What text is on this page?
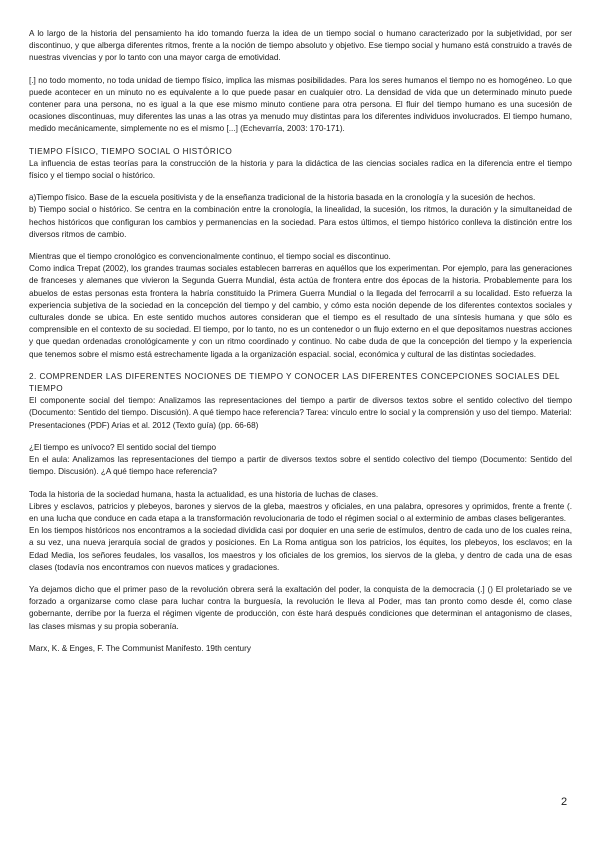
A lo largo de la historia del pensamiento ha ido tomando fuerza la idea de un tiempo social o humano caracterizado por la subjetividad, por ser discontinuo, y que alberga diferentes ritmos, frente a la noción de tiempo absoluto y objetivo. Ese tiempo social y humano está construido a través de nuestras vivencias y por lo tanto con una mayor carga de emotividad.

[.] no todo momento, no toda unidad de tiempo físico, implica las mismas posibilidades. Para los seres humanos el tiempo no es homogéneo. Lo que puede acontecer en un minuto no es equivalente a lo que puede pasar en cualquier otro. La densidad de vida que un determinado minuto puede contener para una persona, no es igual a la que ese mismo minuto contiene para otra persona. El fluir del tiempo humano es una sucesión de ocasiones discontinuas, muy diferentes las unas a las otras ya menudo muy distintas para los diferentes individuos involucrados. El tiempo humano, medido mecánicamente, simplemente no es el mismo [...] (Echevarría, 2003: 170-171).

TIEMPO FÍSICO, TIEMPO SOCIAL O HISTÓRICO

La influencia de estas teorías para la construcción de la historia y para la didáctica de las ciencias sociales radica en la diferencia entre el tiempo físico y el tiempo social o histórico.

a)Tiempo físico. Base de la escuela positivista y de la enseñanza tradicional de la historia basada en la cronología y la sucesión de hechos.

b) Tiempo social o histórico. Se centra en la combinación entre la cronología, la linealidad, la sucesión, los ritmos, la duración y la simultaneidad de hechos históricos que configuran los cambios y permanencias en la sociedad. Para estos últimos, el tiempo histórico conlleva la distinción entre los diversos ritmos de cambio.

Mientras que el tiempo cronológico es convencionalmente continuo, el tiempo social es discontinuo.

Como indica Trepat (2002), los grandes traumas sociales establecen barreras en aquéllos que los experimentan. Por ejemplo, para las generaciones de franceses y alemanes que vivieron la Segunda Guerra Mundial, ésta actúa de frontera entre dos épocas de la historia. Probablemente para los abuelos de estas personas esta frontera la habría constituido la Primera Guerra Mundial o la llegada del ferrocarril a su localidad. Esto refuerza la experiencia subjetiva de la sociedad en la concepción del tiempo y del cambio, y cómo esta noción depende de los diferentes contextos sociales y culturales donde se ubica. En este sentido muchos autores consideran que el tiempo es el resultado de una síntesis humana y que sólo es comprensible en el contexto de su sociedad. El tiempo, por lo tanto, no es un contenedor o un flujo externo en el que depositamos nuestras acciones y que quedan ordenadas cronológicamente y con un ritmo coordinado y continuo. No cabe duda de que la concepción del tiempo y la experiencia que tenemos sobre el mismo está estrechamente ligada a la organización espacial. social, económica y cultural de las distintas sociedades.

2. COMPRENDER LAS DIFERENTES NOCIONES DE TIEMPO Y CONOCER LAS DIFERENTES CONCEPCIONES SOCIALES DEL TIEMPO

El componente social del tiempo: Analizamos las representaciones del tiempo a partir de diversos textos sobre el sentido colectivo del tiempo (Documento: Sentido del tiempo. Discusión). A qué tiempo hace referencia? Tarea: vínculo entre lo social y la comprensión y uso del tiempo. Material:

Presentaciones (PDF) Arias et al. 2012 (Texto guía) (pp. 66-68)

¿El tiempo es unívoco? El sentido social del tiempo

En el aula: Analizamos las representaciones del tiempo a partir de diversos textos sobre el sentido colectivo del tiempo (Documento: Sentido del tiempo. Discusión). ¿A qué tiempo hace referencia?

Toda la historia de la sociedad humana, hasta la actualidad, es una historia de luchas de clases.

Libres y esclavos, patricios y plebeyos, barones y siervos de la gleba, maestros y oficiales, en una palabra, opresores y oprimidos, frente a frente (. en una lucha que conduce en cada etapa a la transformación revolucionaria de todo el régimen social o al exterminio de ambas clases beligerantes.

En los tiempos históricos nos encontramos a la sociedad dividida casi por doquier en una serie de estímulos, dentro de cada uno de los cuales reina, a su vez, una nueva jerarquía social de grados y posiciones. En La Roma antigua son los patricios, los équites, los plebeyos, los esclavos; en la Edad Media, los señores feudales, los vasallos, los maestros y los oficiales de los gremios, los siervos de la gleba, y dentro de cada una de esas clases (todavía nos encontramos con nuevos matices y gradaciones.

Ya dejamos dicho que el primer paso de la revolución obrera será la exaltación del poder, la conquista de la democracia (.] () El proletariado se ve forzado a organizarse como clase para luchar contra la burguesía, la revolución le lleva al Poder, mas tan pronto como desde él, como clase gobernante, derribe por la fuerza el régimen vigente de producción, con éste hará después condiciones que determinan el antagonismo de clases, las clases mismas y su propia soberanía.

Marx, K. & Enges, F. The Communist Manifesto. 19th century

2
